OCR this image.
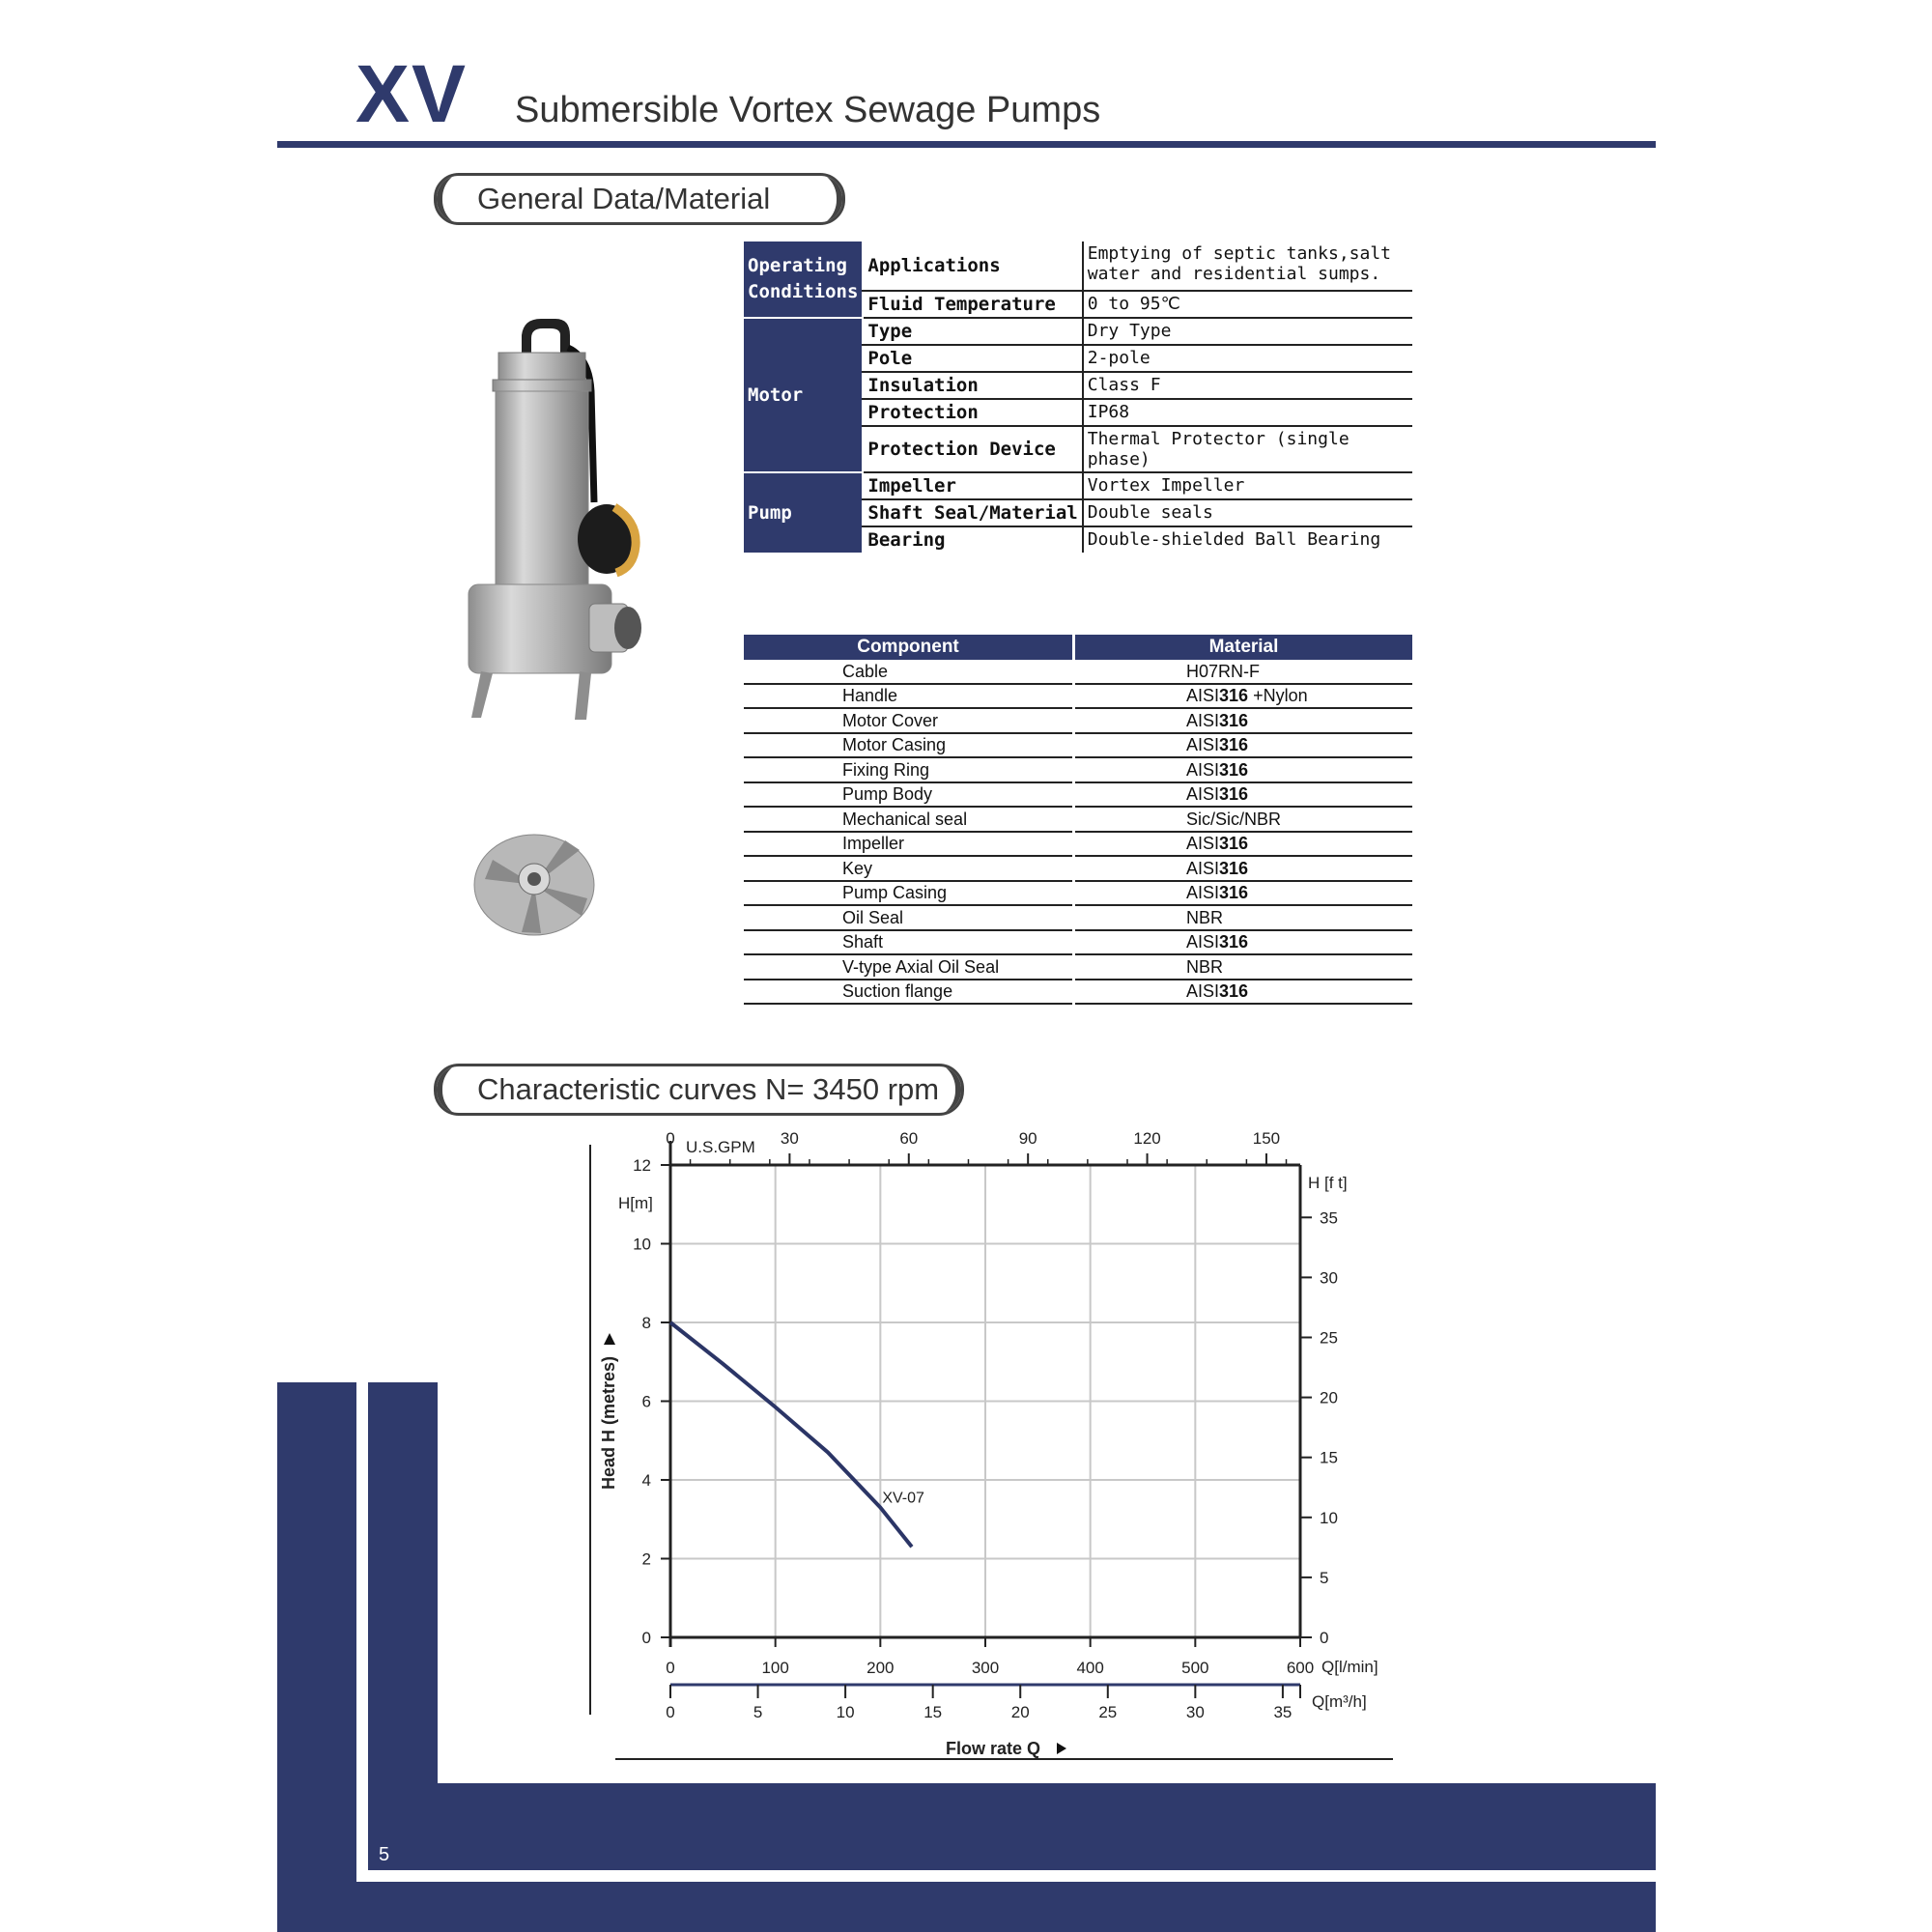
XV Submersible Vortex Sewage Pumps
General Data/Material
Operating Conditions	Applications	Emptying of septic tanks,salt water and residential sumps.
	Fluid Temperature	0 to 95℃
Motor	Type	Dry Type
	Pole	2-pole
	Insulation	Class F
	Protection	IP68
	Protection Device	Thermal Protector (single phase)
Pump	Impeller	Vortex Impeller
	Shaft Seal/Material	Double seals
	Bearing	Double-shielded Ball Bearing
Component	Material
Cable	H07RN-F
Handle	AISI316 +Nylon
Motor Cover	AISI316
Motor Casing	AISI316
Fixing Ring	AISI316
Pump Body	AISI316
Mechanical seal	Sic/Sic/NBR
Impeller	AISI316
Key	AISI316
Pump Casing	AISI316
Oil Seal	NBR
Shaft	AISI316
V-type Axial Oil Seal	NBR
Suction flange	AISI316
Characteristic curves N= 3450 rpm
5
0	100	200	300	400	500	600
0
2
4
6
8
10
12
0	30	60	90	120	150
U.S.GPM
0
5
10
15
20
25
30
35
H [f t]
H[m]
0	5	10	15	20	25	30	35
Q[l/min]
Q[m³/h]
Flow rate Q
Head H (metres)
XV-07
